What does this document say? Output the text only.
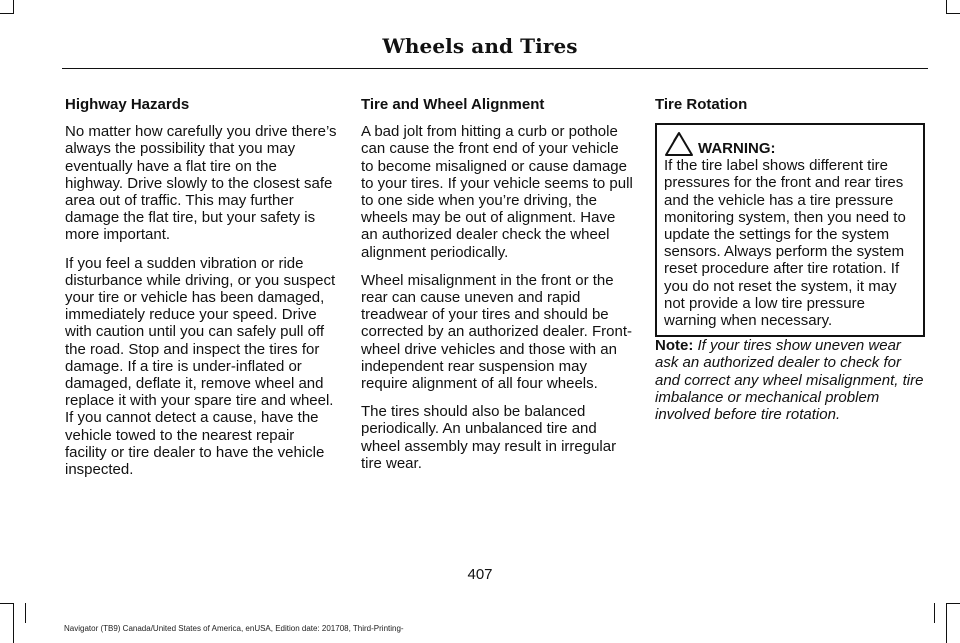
Wheels and Tires
Highway Hazards

No matter how carefully you drive there’s always the possibility that you may eventually have a flat tire on the highway. Drive slowly to the closest safe area out of traffic. This may further damage the flat tire, but your safety is more important.

If you feel a sudden vibration or ride disturbance while driving, or you suspect your tire or vehicle has been damaged, immediately reduce your speed. Drive with caution until you can safely pull off the road. Stop and inspect the tires for damage. If a tire is under-inflated or damaged, deflate it, remove wheel and replace it with your spare tire and wheel. If you cannot detect a cause, have the vehicle towed to the nearest repair facility or tire dealer to have the vehicle inspected.

Tire and Wheel Alignment

A bad jolt from hitting a curb or pothole can cause the front end of your vehicle to become misaligned or cause damage to your tires. If your vehicle seems to pull to one side when you’re driving, the wheels may be out of alignment. Have an authorized dealer check the wheel alignment periodically.

Wheel misalignment in the front or the rear can cause uneven and rapid treadwear of your tires and should be corrected by an authorized dealer. Front-wheel drive vehicles and those with an independent rear suspension may require alignment of all four wheels.

The tires should also be balanced periodically. An unbalanced tire and wheel assembly may result in irregular tire wear.

Tire Rotation
WARNING:
If the tire label shows different tire pressures for the front and rear tires and the vehicle has a tire pressure monitoring system, then you need to update the settings for the system sensors. Always perform the system reset procedure after tire rotation. If you do not reset the system, it may not provide a low tire pressure warning when necessary.

Note: If your tires show uneven wear ask an authorized dealer to check for and correct any wheel misalignment, tire imbalance or mechanical problem involved before tire rotation.

407
Navigator (TB9) Canada/United States of America, enUSA, Edition date: 201708, Third-Printing-
